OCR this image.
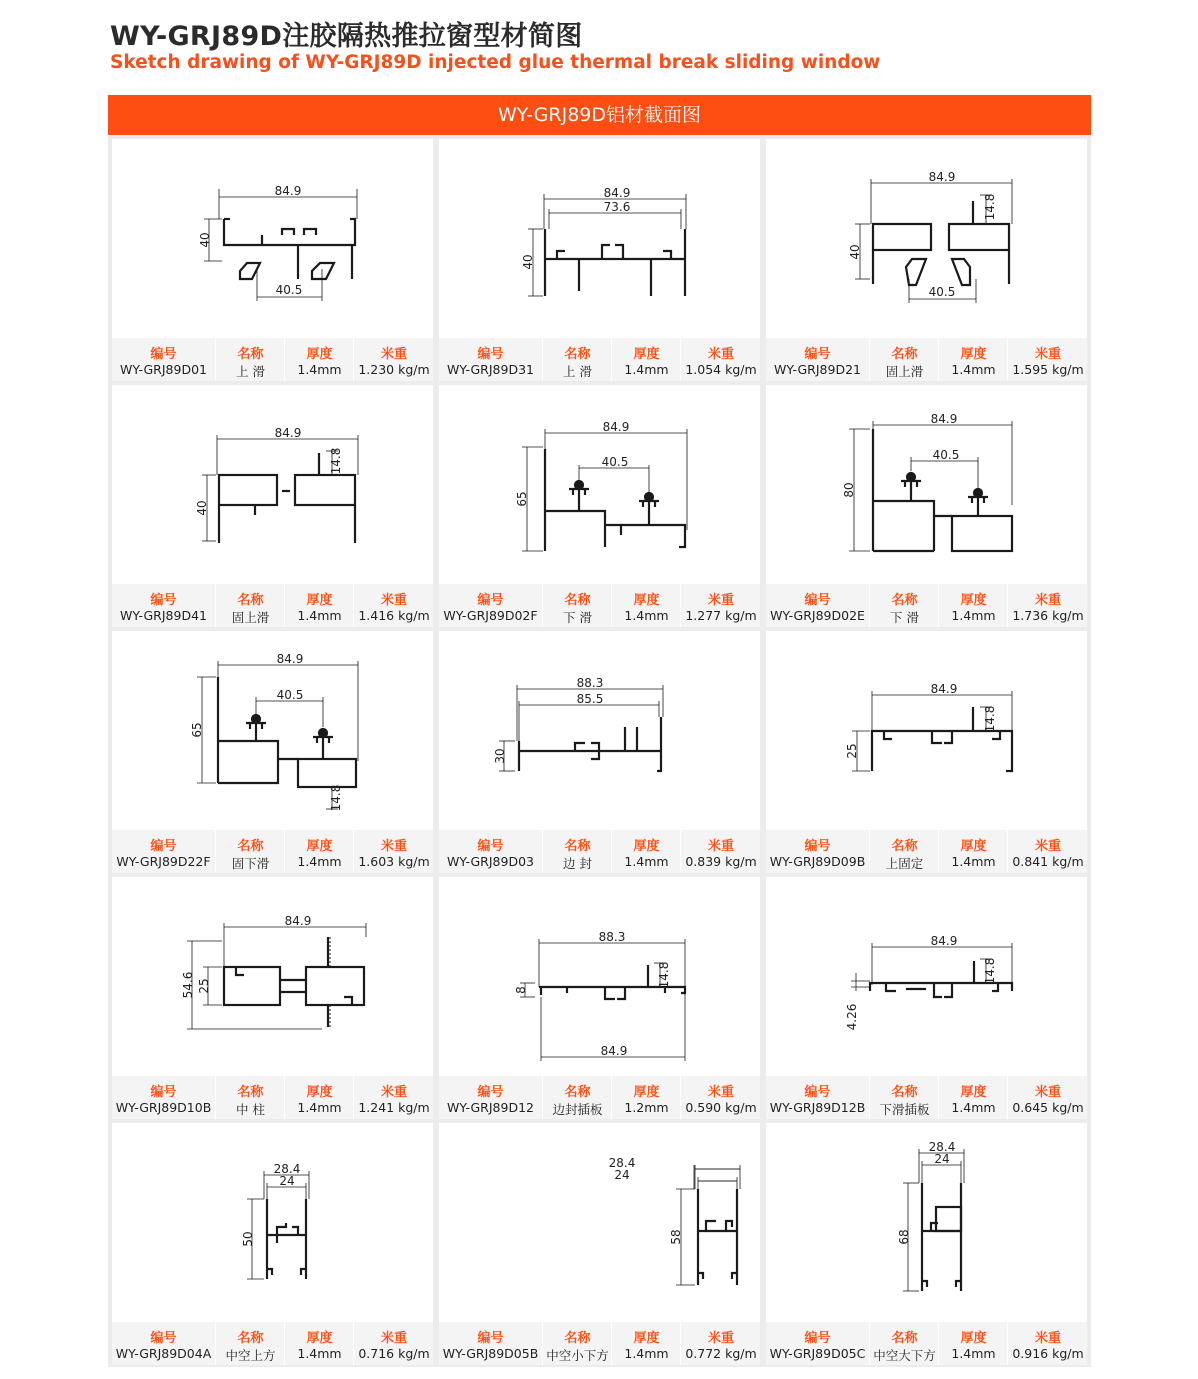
WY-GRJ89D注胶隔热推拉窗型材简图
Sketch drawing of WY-GRJ89D injected glue thermal break sliding window
WY-GRJ89D铝材截面图
84.9
40
40.5
编号
WY-GRJ89D01
名称
上 滑
厚度
1.4mm
米重
1.230 kg/m
84.9
73.6
40
编号
WY-GRJ89D31
名称
上 滑
厚度
1.4mm
米重
1.054 kg/m
84.9
14.8
40
40.5
编号
WY-GRJ89D21
名称
固上滑
厚度
1.4mm
米重
1.595 kg/m
84.9
14.8
40
编号
WY-GRJ89D41
名称
固上滑
厚度
1.4mm
米重
1.416 kg/m
84.9
40.5
65
编号
WY-GRJ89D02F
名称
下 滑
厚度
1.4mm
米重
1.277 kg/m
84.9
40.5
80
编号
WY-GRJ89D02E
名称
下 滑
厚度
1.4mm
米重
1.736 kg/m
84.9
40.5
65
14.8
编号
WY-GRJ89D22F
名称
固下滑
厚度
1.4mm
米重
1.603 kg/m
88.3
85.5
30
编号
WY-GRJ89D03
名称
边 封
厚度
1.4mm
米重
0.839 kg/m
84.9
14.8
25
编号
WY-GRJ89D09B
名称
上固定
厚度
1.4mm
米重
0.841 kg/m
84.9
54.6 25
编号
WY-GRJ89D10B
名称
中 柱
厚度
1.4mm
米重
1.241 kg/m
88.3
14.8
8
84.9
编号
WY-GRJ89D12
名称
边封插板
厚度
1.2mm
米重
0.590 kg/m
84.9
14.8
4.26
编号
WY-GRJ89D12B
名称
下滑插板
厚度
1.4mm
米重
0.645 kg/m
28.4
24
50
编号
WY-GRJ89D04A
名称
中空上方
厚度
1.4mm
米重
0.716 kg/m
28.4
24
58
编号
WY-GRJ89D05B
名称
中空小下方
厚度
1.4mm
米重
0.772 kg/m
28.4
24
68
编号
WY-GRJ89D05C
名称
中空大下方
厚度
1.4mm
米重
0.916 kg/m
